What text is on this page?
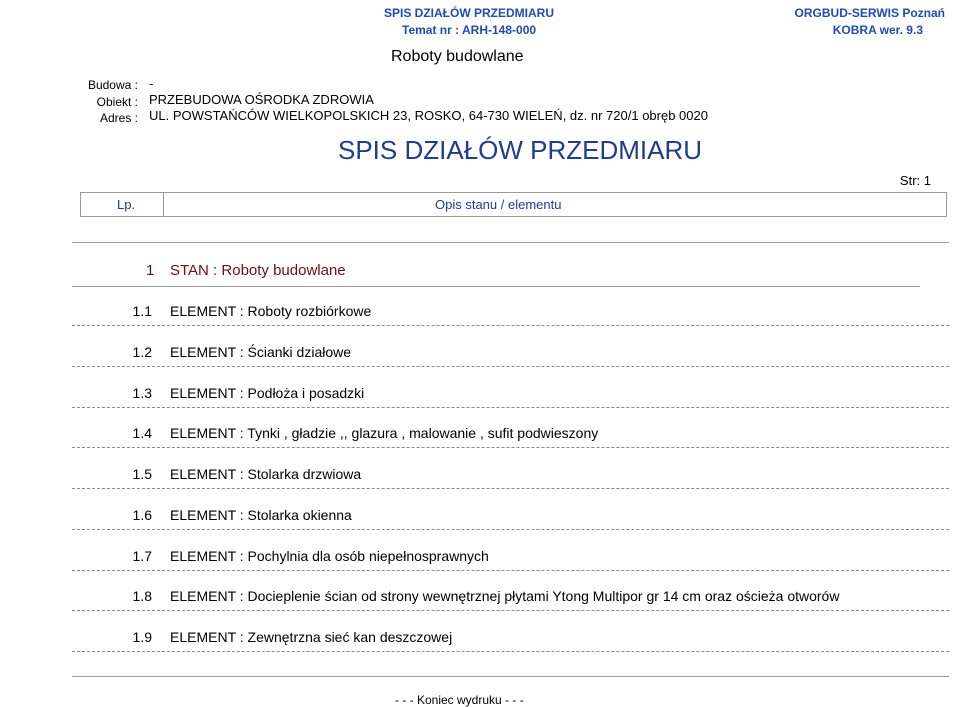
SPIS DZIAŁÓW PRZEDMIARU
Temat nr : ARH-148-000
ORGBUD-SERWIS Poznań
KOBRA wer. 9.3
Roboty budowlane
Budowa : -
Obiekt : PRZEBUDOWA OŚRODKA ZDROWIA
Adres : UL. POWSTAŃCÓW WIELKOPOLSKICH 23, ROSKO, 64-730 WIELEŃ, dz. nr 720/1 obręb 0020
SPIS DZIAŁÓW PRZEDMIARU
Str: 1
Lp.	Opis stanu / elementu
1 STAN : Roboty budowlane
1.1 ELEMENT : Roboty rozbiórkowe
1.2 ELEMENT : Ścianki działowe
1.3 ELEMENT : Podłoża i posadzki
1.4 ELEMENT : Tynki , gładzie ,, glazura , malowanie , sufit podwieszony
1.5 ELEMENT : Stolarka drzwiowa
1.6 ELEMENT : Stolarka okienna
1.7 ELEMENT : Pochylnia dla osób niepełnosprawnych
1.8 ELEMENT : Docieplenie ścian od strony wewnętrznej płytami Ytong Multipor gr 14 cm oraz ościeża otworów
1.9 ELEMENT : Zewnętrzna sieć kan deszczowej
- - - Koniec wydruku - - -
